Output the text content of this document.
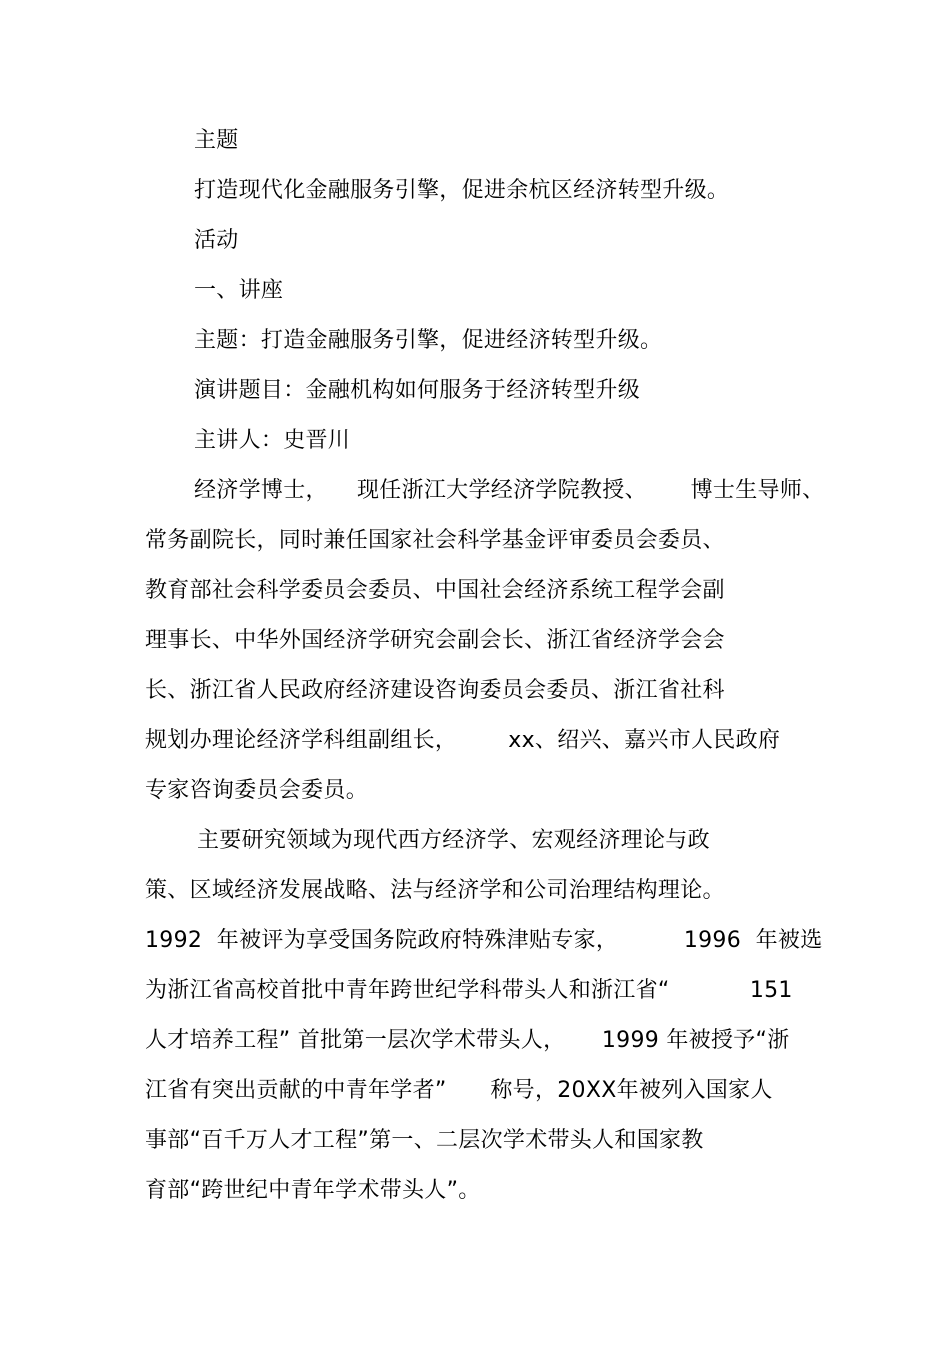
主题
打造现代化金融服务引擎，促进余杭区经济转型升级。
活动
一、讲座
主题：打造金融服务引擎，促进经济转型升级。
演讲题目：金融机构如何服务于经济转型升级
主讲人：史晋川
经济学博士，    现任浙江大学经济学院教授、      博士生导师、
常务副院长，同时兼任国家社会科学基金评审委员会委员、
教育部社会科学委员会委员、中国社会经济系统工程学会副
理事长、中华外国经济学研究会副会长、浙江省经济学会会
长、浙江省人民政府经济建设咨询委员会委员、浙江省社科
规划办理论经济学科组副组长，       xx、绍兴、嘉兴市人民政府
专家咨询委员会委员。
主要研究领域为现代西方经济学、宏观经济理论与政
策、区域经济发展战略、法与经济学和公司治理结构理论。
1992  年被评为享受国务院政府特殊津贴专家，         1996  年被选
为浙江省高校首批中青年跨世纪学科带头人和浙江省“           151
人才培养工程” 首批第一层次学术带头人，     1999 年被授予“浙
江省有突出贡献的中青年学者”      称号，20XX年被列入国家人
事部“百千万人才工程”第一、二层次学术带头人和国家教
育部“跨世纪中青年学术带头人”。
